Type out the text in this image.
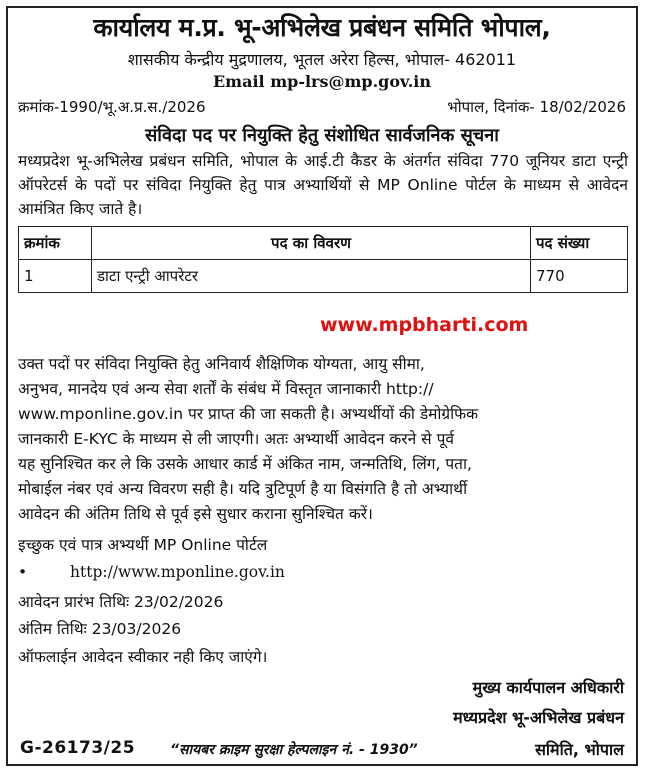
कार्यालय म.प्र. भू-अभिलेख प्रबंधन समिति भोपाल,
शासकीय केन्द्रीय मुद्रणालय, भूतल अरेरा हिल्स, भोपाल- 462011
Email mp-lrs@mp.gov.in
क्रमांक-1990/भू.अ.प्र.स./2026	भोपाल, दिनांक- 18/02/2026
संविदा पद पर नियुक्ति हेतु संशोधित सार्वजनिक सूचना
मध्यप्रदेश भू-अभिलेख प्रबंधन समिति, भोपाल के आई.टी कैडर के अंतर्गत संविदा 770 जूनियर डाटा एन्ट्री ऑपरेटर्स के पदों पर संविदा नियुक्ति हेतु पात्र अभ्यार्थियों से MP Online पोर्टल के माध्यम से आवेदन आमंत्रित किए जाते है।
क्रमांक	पद का विवरण	पद संख्या
1	डाटा एन्ट्री आपरेटर	770
www.mpbharti.com
उक्त पदों पर संविदा नियुक्ति हेतु अनिवार्य शैक्षिणिक योग्यता, आयु सीमा,
अनुभव, मानदेय एवं अन्य सेवा शर्तों के संबंध में विस्तृत जानाकारी http://
www.mponline.gov.in पर प्राप्त की जा सकती है। अभ्यर्थीयों की डेमोग्रेफिक
जानकारी E-KYC के माध्यम से ली जाएगी। अतः अभ्यार्थी आवेदन करने से पूर्व
यह सुनिश्चित कर ले कि उसके आधार कार्ड में अंकित नाम, जन्मतिथि, लिंग, पता,
मोबाईल नंबर एवं अन्य विवरण सही है। यदि त्रुटिपूर्ण है या विसंगति है तो अभ्यार्थी
आवेदन की अंतिम तिथि से पूर्व इसे सुधार कराना सुनिश्चित करें।
इच्छुक एवं पात्र अभ्यर्थी MP Online पोर्टल
•	http://www.mponline.gov.in
आवेदन प्रारंभ तिथिः 23/02/2026
अंतिम तिथिः 23/03/2026
ऑफलाईन आवेदन स्वीकार नही किए जाएंगे।
मुख्य कार्यपालन अधिकारी
मध्यप्रदेश भू-अभिलेख प्रबंधन
समिति, भोपाल
G-26173/25 “सायबर क्राइम सुरक्षा हेल्पलाइन नं. - 1930”
